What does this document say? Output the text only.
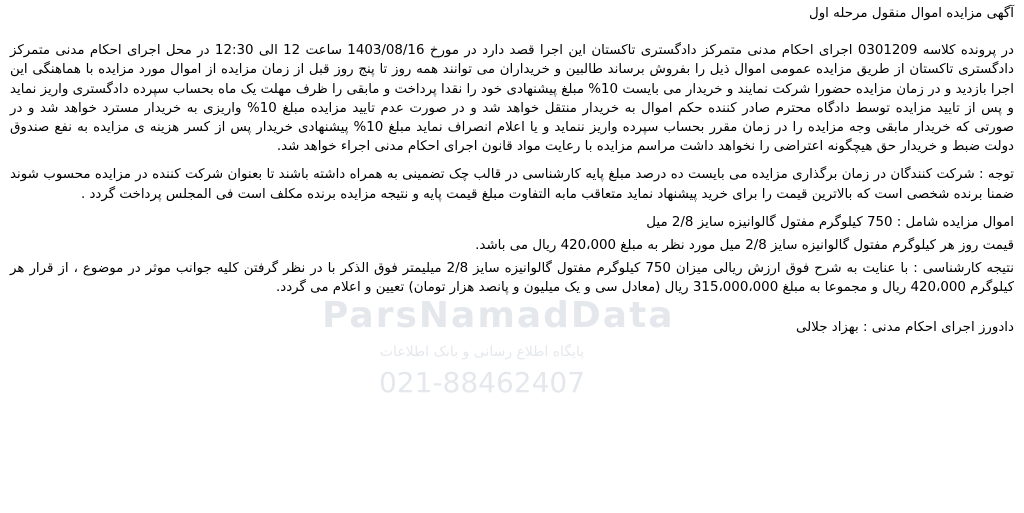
ParsNamadData
پایگاه اطلاع رسانی و بانک اطلاعات
021-88462407

آگهی مزایده اموال منقول مرحله اول

در پرونده کلاسه 0301209 اجرای احکام مدنی متمرکز دادگستری تاکستان این اجرا قصد دارد در مورخ 1403/08/16 ساعت 12 الی 12:30 در محل اجرای احکام مدنی متمرکز دادگستری تاکستان از طریق مزایده عمومی اموال ذیل را بفروش برساند طالبین و خریداران می توانند همه روز تا پنج روز قبل از زمان مزایده از اموال مورد مزایده با هماهنگی این اجرا بازدید و در زمان مزایده حضورا شرکت نمایند و خریدار می بایست 10% مبلغ پیشنهادی خود را نقدا پرداخت و مابقی را ظرف مهلت یک ماه بحساب سپرده دادگستری واریز نماید و پس از تایید مزایده توسط دادگاه محترم صادر کننده حکم اموال به خریدار منتقل خواهد شد و در صورت عدم تایید مزایده مبلغ 10% واریزی به خریدار مسترد خواهد شد و در صورتی که خریدار مابقی وجه مزایده را در زمان مقرر بحساب سپرده واریز ننماید و یا اعلام انصراف نماید مبلغ 10% پیشنهادی خریدار پس از کسر هزینه ی مزایده به نفع صندوق دولت ضبط و خریدار حق هیچگونه اعتراضی را نخواهد داشت مراسم مزایده با رعایت مواد قانون اجرای احکام مدنی اجراء خواهد شد.

توجه : شرکت کنندگان در زمان برگذاری مزایده می بایست ده درصد مبلغ پایه کارشناسی در قالب چک تضمینی به همراه داشته باشند تا بعنوان شرکت کننده در مزایده محسوب شوند ضمنا برنده شخصی است که بالاترین قیمت را برای خرید پیشنهاد نماید متعاقب مابه التفاوت مبلغ قیمت پایه و نتیجه مزایده برنده مکلف است فی المجلس پرداخت گردد .

اموال مزایده شامل : 750 کیلوگرم مفتول گالوانیزه سایز 2/8 میل

قیمت روز هر کیلوگرم مفتول گالوانیزه سایز 2/8 میل مورد نظر به مبلغ 420،000 ریال می باشد.

نتیجه کارشناسی : با عنایت به شرح فوق ارزش ریالی میزان 750 کیلوگرم مفتول گالوانیزه سایز 2/8 میلیمتر فوق الذکر با در نظر گرفتن کلیه جوانب موثر در موضوع ، از قرار هر کیلوگرم 420،000 ریال و مجموعا به مبلغ 315،000،000 ریال (معادل سی و یک میلیون و پانصد هزار تومان) تعیین و اعلام می گردد.

دادورز اجرای احکام مدنی : بهزاد جلالی
